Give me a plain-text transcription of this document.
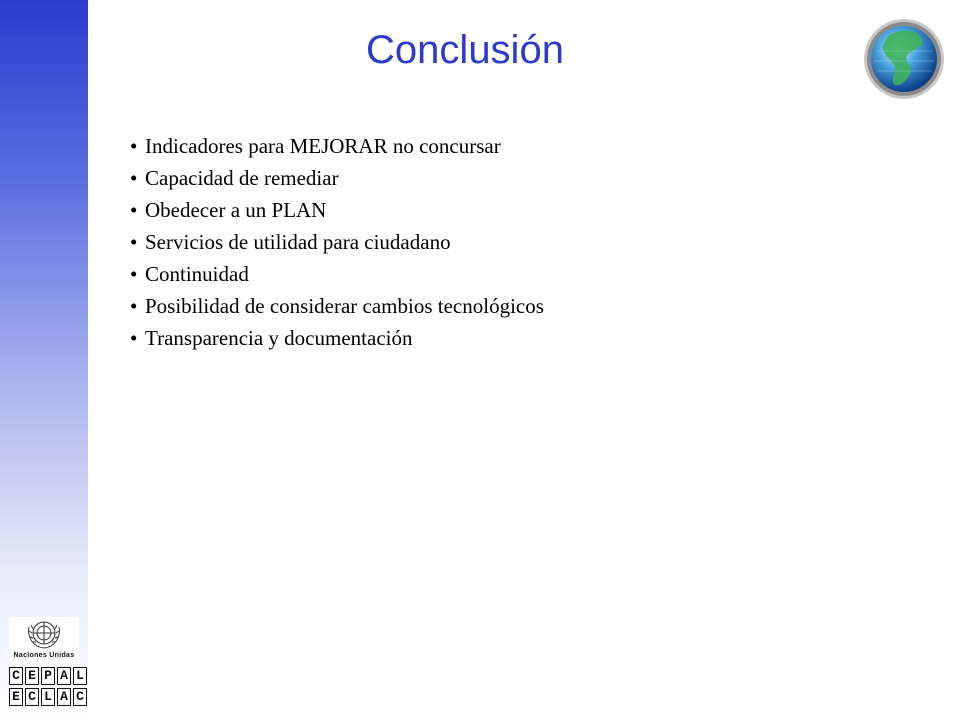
Conclusión
• Indicadores para MEJORAR no concursar
• Capacidad de remediar
• Obedecer a un PLAN
• Servicios de utilidad para ciudadano
• Continuidad
• Posibilidad de considerar cambios tecnológicos
• Transparencia y documentación
Naciones Unidas
C E P A L
E C L A C
